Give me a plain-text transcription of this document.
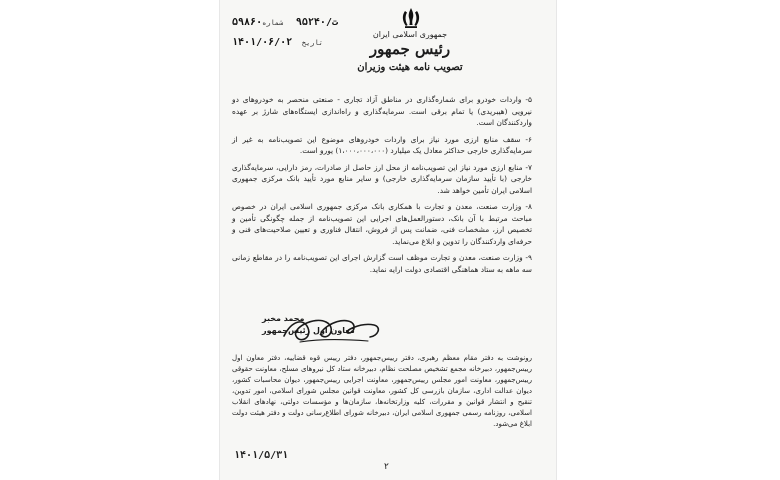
جمهوری اسلامی ایران
رئیس جمهور
تصویب نامه هیئت وزیران
۵۹۸۶۰ت/۹۵۲۴۰ شماره
۱۴۰۱/۰۶/۰۲ تاریخ

۵- واردات خودرو برای شماره‌گذاری در مناطق آزاد تجاری - صنعتی منحصر به خودروهای دو نیرویی (هیبریدی) یا تمام برقی است. سرمایه‌گذاری و راه‌اندازی ایستگاه‌های شارژ بر عهده واردکنندگان است.

۶- سقف منابع ارزی مورد نیاز برای واردات خودروهای موضوع این تصویب‌نامه به غیر از سرمایه‌گذاری خارجی حداکثر معادل یک میلیارد (۱،۰۰۰،۰۰۰،۰۰۰) یورو است.

۷- منابع ارزی مورد نیاز این تصویب‌نامه از محل ارز حاصل از صادرات، رمز دارایی، سرمایه‌گذاری خارجی (با تأیید سازمان سرمایه‌گذاری خارجی) و سایر منابع مورد تأیید بانک مرکزی جمهوری اسلامی ایران تأمین خواهد شد.

۸- وزارت صنعت، معدن و تجارت با همکاری بانک مرکزی جمهوری اسلامی ایران در خصوص مباحث مرتبط با آن بانک، دستورالعمل‌های اجرایی این تصویب‌نامه از جمله چگونگی تأمین و تخصیص ارز، مشخصات فنی، ضمانت پس از فروش، انتقال فناوری و تعیین صلاحیت‌های فنی و حرفه‌ای واردکنندگان را تدوین و ابلاغ می‌نماید.

۹- وزارت صنعت، معدن و تجارت موظف است گزارش اجرای این تصویب‌نامه را در مقاطع زمانی سه ماهه به ستاد هماهنگی اقتصادی دولت ارایه نماید.

محمد مخبر
معاون اول رئیس‌جمهور
رونوشت به دفتر مقام معظم رهبری، دفتر رییس‌جمهور، دفتر رییس قوه قضاییه، دفتر معاون اول رییس‌جمهور، دبیرخانه مجمع تشخیص مصلحت نظام، دبیرخانه ستاد کل نیروهای مسلح، معاونت حقوقی رییس‌جمهور، معاونت امور مجلس رییس‌جمهور، معاونت اجرایی رییس‌جمهور، دیوان محاسبات کشور، دیوان عدالت اداری، سازمان بازرسی کل کشور، معاونت قوانین مجلس شورای اسلامی، امور تدوین، تنقیح و انتشار قوانین و مقررات، کلیه وزارتخانه‌ها، سازمان‌ها و مؤسسات دولتی، نهادهای انقلاب اسلامی، روزنامه رسمی جمهوری اسلامی ایران، دبیرخانه شورای اطلاع‌رسانی دولت و دفتر هیئت دولت ابلاغ می‌شود.
۱۴۰۱/۵/۳۱
۲
